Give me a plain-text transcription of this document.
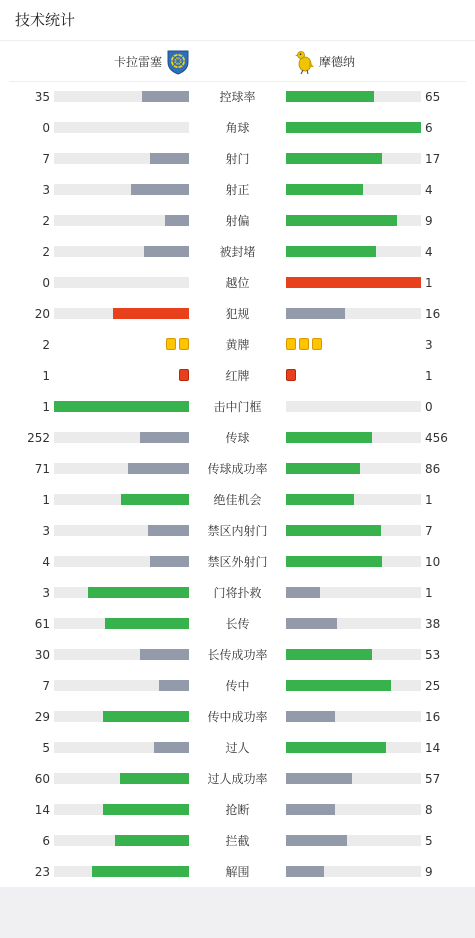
技术统计
卡拉雷塞	摩德纳
35	控球率	65
0	角球	6
7	射门	17
3	射正	4
2	射偏	9
2	被封堵	4
0	越位	1
20	犯规	16
2	黄牌	3
1	红牌	1
1	击中门框	0
252	传球	456
71	传球成功率	86
1	绝佳机会	1
3	禁区内射门	7
4	禁区外射门	10
3	门将扑救	1
61	长传	38
30	长传成功率	53
7	传中	25
29	传中成功率	16
5	过人	14
60	过人成功率	57
14	抢断	8
6	拦截	5
23	解围	9
